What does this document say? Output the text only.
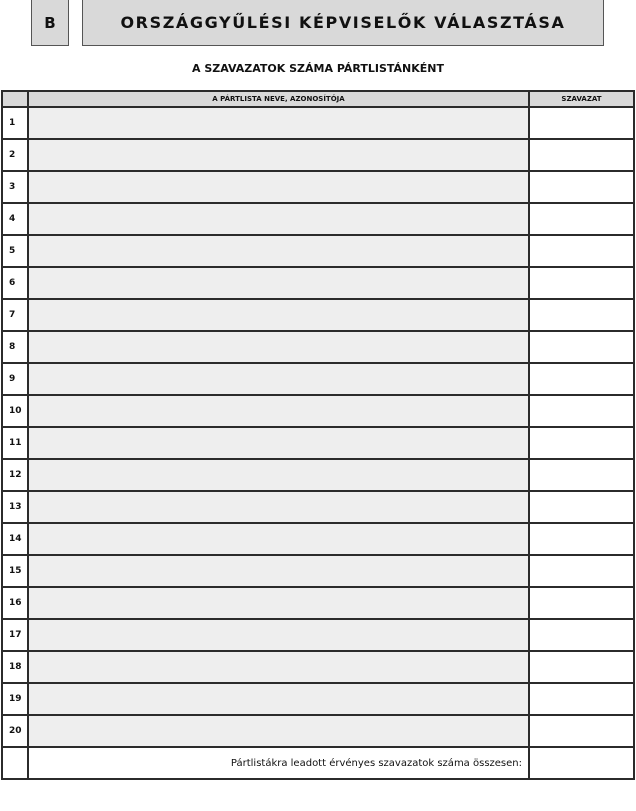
B	ORSZÁGGYŰLÉSI KÉPVISELŐK VÁLASZTÁSA
A SZAVAZATOK SZÁMA PÁRTLISTÁNKÉNT
	A PÁRTLISTA NEVE, AZONOSÍTÓJA	SZAVAZAT
1		
2		
3		
4		
5		
6		
7		
8		
9		
10		
11		
12		
13		
14		
15		
16		
17		
18		
19		
20		
	Pártlistákra leadott érvényes szavazatok száma összesen:	
